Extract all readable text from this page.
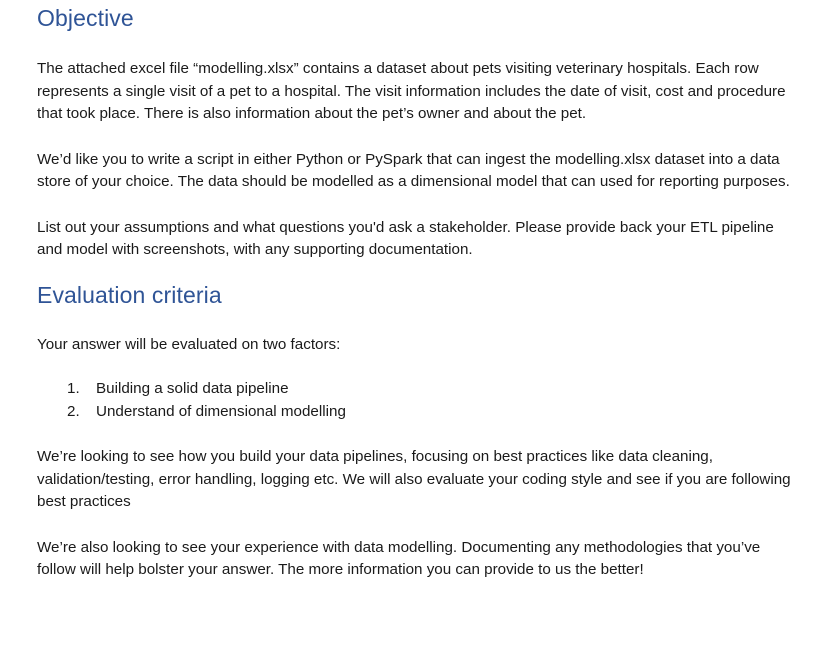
Objective

The attached excel file “modelling.xlsx” contains a dataset about pets visiting veterinary hospitals. Each row represents a single visit of a pet to a hospital. The visit information includes the date of visit, cost and procedure that took place. There is also information about the pet’s owner and about the pet.

We’d like you to write a script in either Python or PySpark that can ingest the modelling.xlsx dataset into a data store of your choice. The data should be modelled as a dimensional model that can used for reporting purposes.

List out your assumptions and what questions you'd ask a stakeholder. Please provide back your ETL pipeline and model with screenshots, with any supporting documentation.

Evaluation criteria

Your answer will be evaluated on two factors:

1.	Building a solid data pipeline
2.	Understand of dimensional modelling

We’re looking to see how you build your data pipelines, focusing on best practices like data cleaning, validation/testing, error handling, logging etc. We will also evaluate your coding style and see if you are following best practices

We’re also looking to see your experience with data modelling. Documenting any methodologies that you’ve follow will help bolster your answer. The more information you can provide to us the better!
